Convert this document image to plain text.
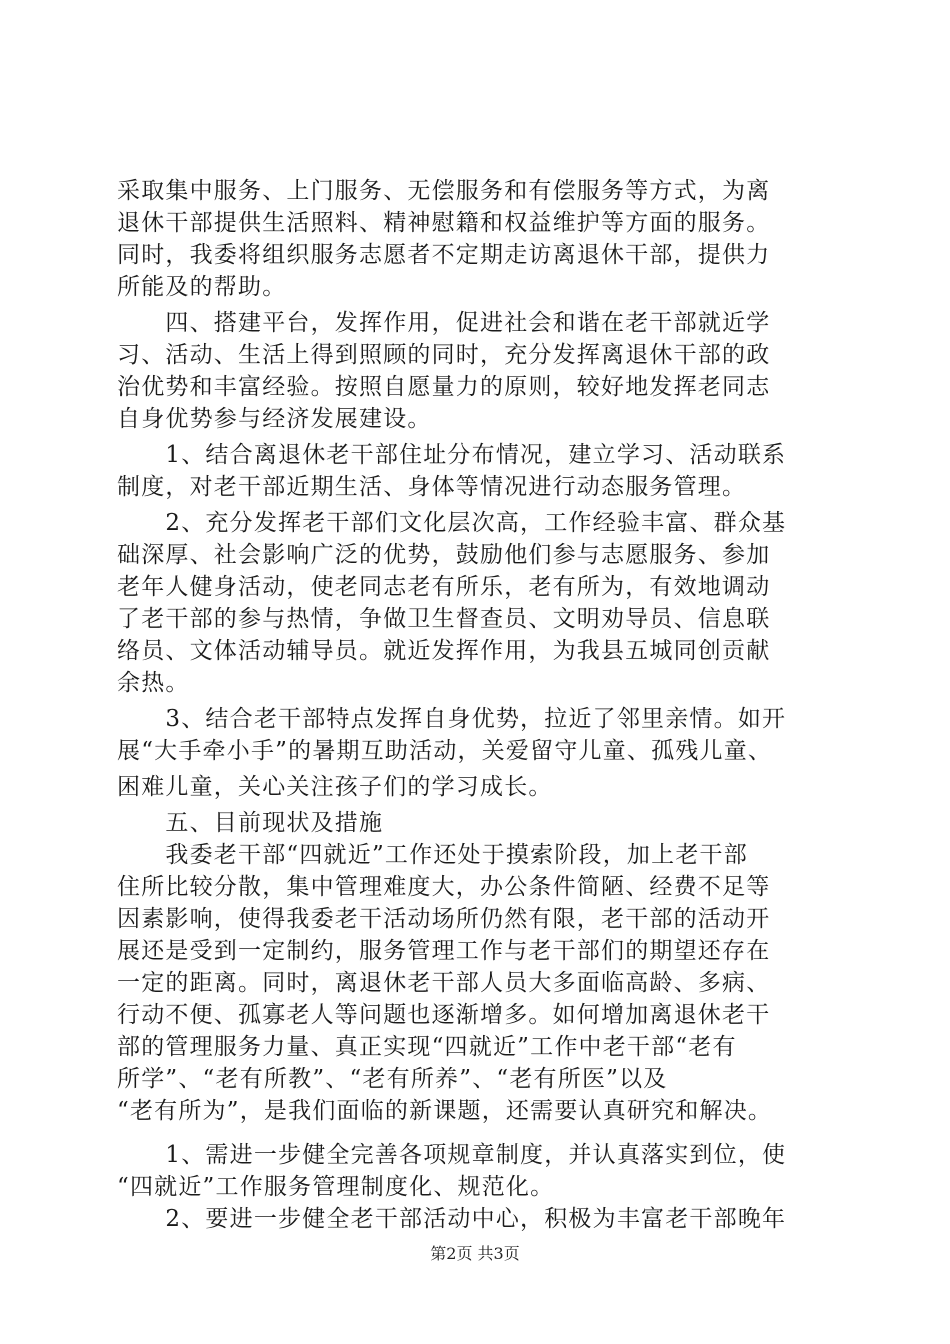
采取集中服务、上门服务、无偿服务和有偿服务等方式，为离
退休干部提供生活照料、精神慰籍和权益维护等方面的服务。
同时，我委将组织服务志愿者不定期走访离退休干部，提供力
所能及的帮助。
　　四、搭建平台，发挥作用，促进社会和谐在老干部就近学
习、活动、生活上得到照顾的同时，充分发挥离退休干部的政
治优势和丰富经验。按照自愿量力的原则，较好地发挥老同志
自身优势参与经济发展建设。
　　1、结合离退休老干部住址分布情况，建立学习、活动联系
制度，对老干部近期生活、身体等情况进行动态服务管理。
　　2、充分发挥老干部们文化层次高，工作经验丰富、群众基
础深厚、社会影响广泛的优势，鼓励他们参与志愿服务、参加
老年人健身活动，使老同志老有所乐，老有所为，有效地调动
了老干部的参与热情，争做卫生督查员、文明劝导员、信息联
络员、文体活动辅导员。就近发挥作用，为我县五城同创贡献
余热。
　　3、结合老干部特点发挥自身优势，拉近了邻里亲情。如开
展“大手牵小手”的暑期互助活动，关爱留守儿童、孤残儿童、
困难儿童，关心关注孩子们的学习成长。
　　五、目前现状及措施
　　我委老干部“四就近”工作还处于摸索阶段，加上老干部
住所比较分散，集中管理难度大，办公条件简陋、经费不足等
因素影响，使得我委老干活动场所仍然有限，老干部的活动开
展还是受到一定制约，服务管理工作与老干部们的期望还存在
一定的距离。同时，离退休老干部人员大多面临高龄、多病、
行动不便、孤寡老人等问题也逐渐增多。如何增加离退休老干
部的管理服务力量、真正实现“四就近”工作中老干部“老有
所学”、“老有所教”、“老有所养”、“老有所医”以及
“老有所为”，是我们面临的新课题，还需要认真研究和解决。
　　1、需进一步健全完善各项规章制度，并认真落实到位，使
“四就近”工作服务管理制度化、规范化。
　　2、要进一步健全老干部活动中心，积极为丰富老干部晚年
第2页 共3页
